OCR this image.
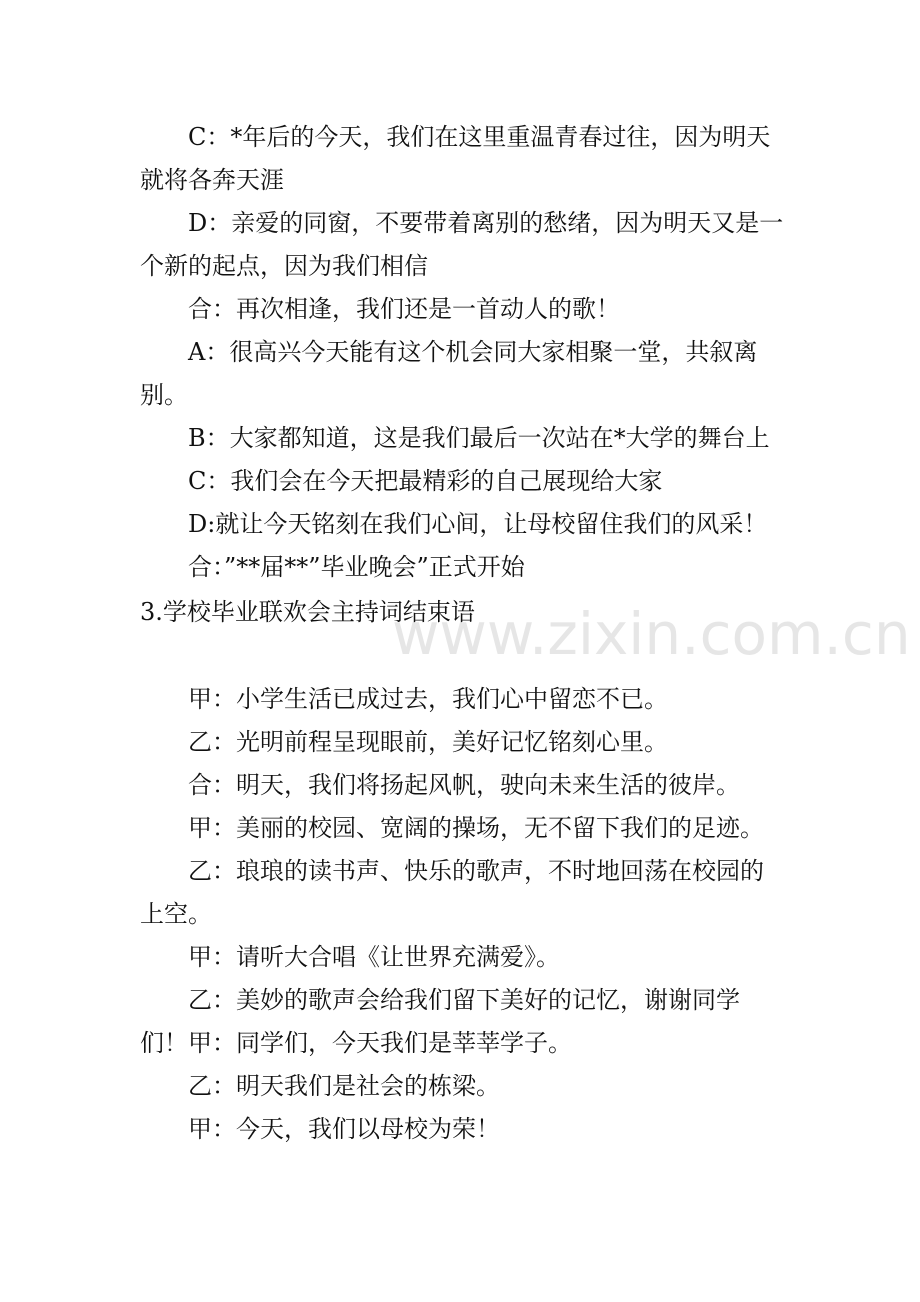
www.zixin.com.cn

C：*年后的今天，我们在这里重温青春过往，因为明天就将各奔天涯

D：亲爱的同窗，不要带着离别的愁绪，因为明天又是一个新的起点，因为我们相信

合：再次相逢，我们还是一首动人的歌！

A：很高兴今天能有这个机会同大家相聚一堂，共叙离别。

B：大家都知道，这是我们最后一次站在*大学的舞台上

C：我们会在今天把最精彩的自己展现给大家

D:就让今天铭刻在我们心间，让母校留住我们的风采！

合：”**届**”毕业晚会”正式开始

3.学校毕业联欢会主持词结束语

甲：小学生活已成过去，我们心中留恋不已。

乙：光明前程呈现眼前，美好记忆铭刻心里。

合：明天，我们将扬起风帆，驶向未来生活的彼岸。

甲：美丽的校园、宽阔的操场，无不留下我们的足迹。

乙：琅琅的读书声、快乐的歌声，不时地回荡在校园的上空。

甲：请听大合唱《让世界充满爱》。

乙：美妙的歌声会给我们留下美好的记忆，谢谢同学们！ 甲：同学们，今天我们是莘莘学子。

乙：明天我们是社会的栋梁。

甲：今天，我们以母校为荣！
